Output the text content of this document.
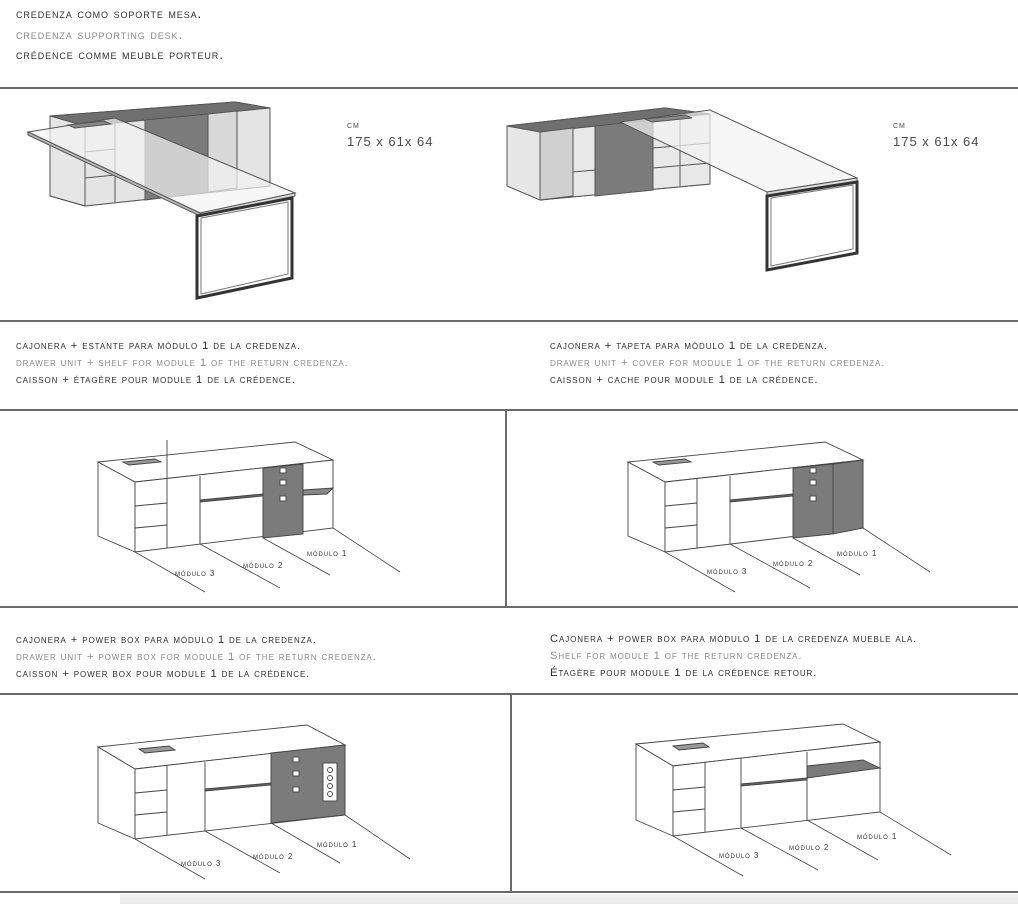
credenza como soporte mesa.
credenza supporting desk.
crédence comme meuble porteur.
cm
175 x 61x 64
cm
175 x 61x 64
cajonera + estante para módulo 1 de la credenza.
drawer unit + shelf for module 1 of the return credenza.
caisson + étagère pour module 1 de la crédence.
cajonera + tapeta para módulo 1 de la credenza.
drawer unit + cover for module 1 of the return credenza.
caisson + cache pour module 1 de la crédence.
módulo 3
módulo 2
módulo 1
módulo 3
módulo 2
módulo 1
cajonera + power box para módulo 1 de la credenza.
drawer unit + power box for module 1 of the return credenza.
caisson + power box pour module 1 de la crédence.
Cajonera + power box para módulo 1 de la credenza mueble ala.
Shelf for module 1 of the return credenza.
Étagère pour module 1 de la crédence retour.
módulo 3
módulo 2
módulo 1
módulo 3
módulo 2
módulo 1
